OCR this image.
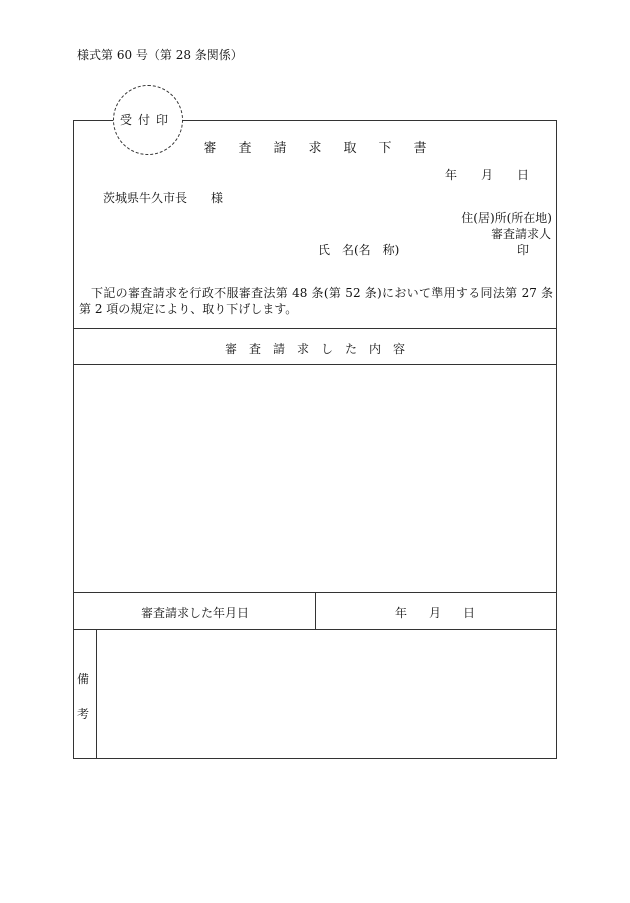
様式第 60 号（第 28 条関係）
受付印
審査請求取下書
年 月 日
茨城県牛久市長　　様
住(居)所(所在地)
審査請求人
氏　名(名　称)	印
下記の審査請求を行政不服審査法第 48 条(第 52 条)において準用する同法第 27 条第 2 項の規定により、取り下げします。
審査請求した内容
審査請求した年月日	年 月 日
備
考
